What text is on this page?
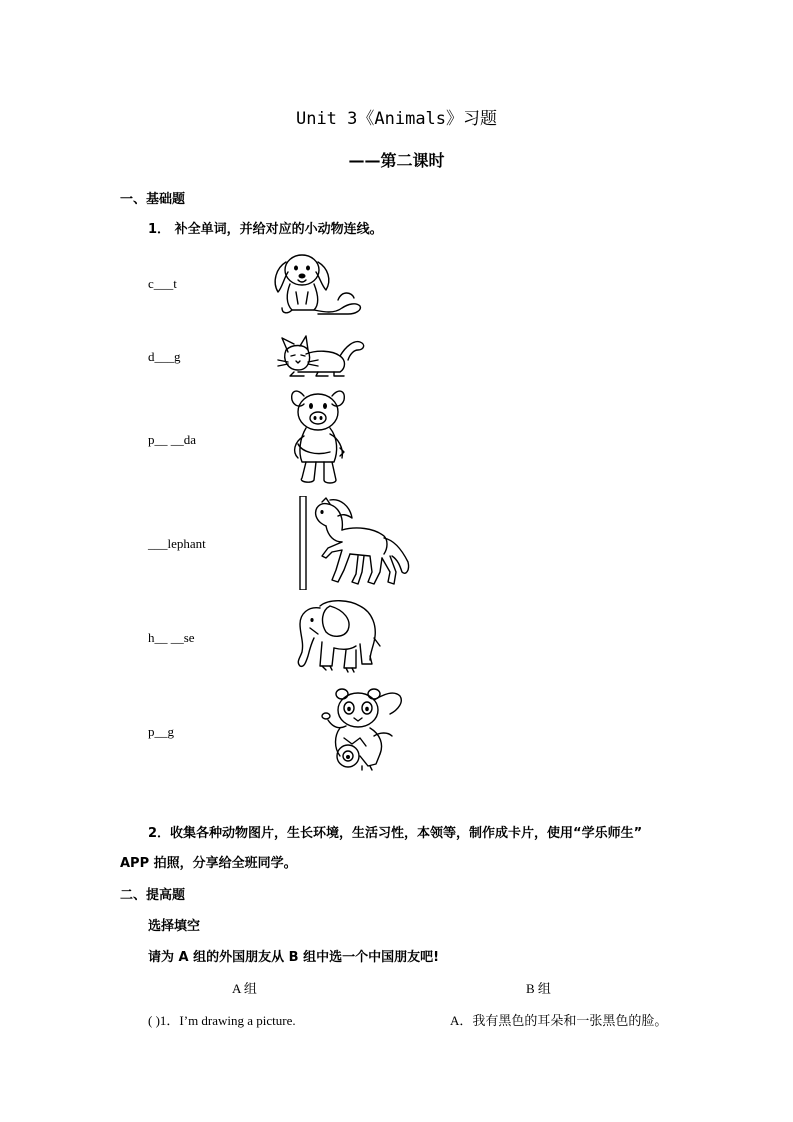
Unit 3《Animals》习题
——第二课时
一、基础题
1． 补全单词，并给对应的小动物连线。
c___t
d___g
p__ __da
___lephant
h__ __se
p__g
2．收集各种动物图片，生长环境，生活习性，本领等，制作成卡片，使用“学乐师生”
APP 拍照，分享给全班同学。
二、提高题
选择填空
请为 A 组的外国朋友从 B 组中选一个中国朋友吧!
A 组	B 组
( )1．I’m drawing a picture.	A．我有黑色的耳朵和一张黑色的脸。
